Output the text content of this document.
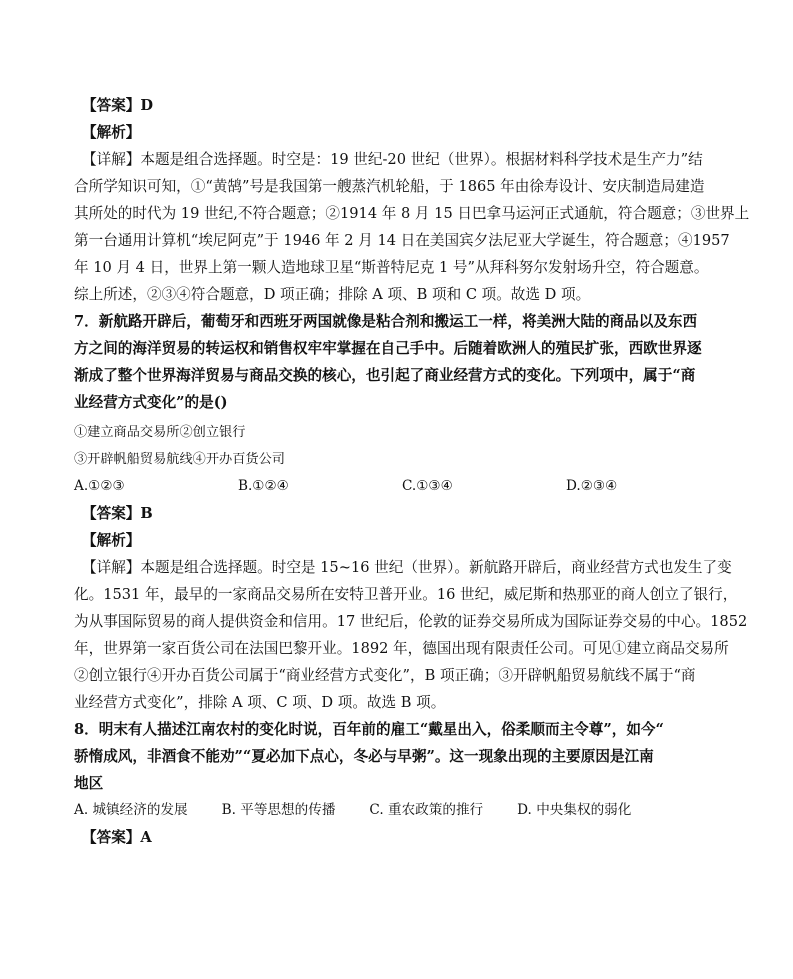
【答案】D
【解析】
【详解】本题是组合选择题。时空是：19 世纪-20 世纪（世界）。根据材料科学技术是生产力”结
合所学知识可知，①“黄鹄”号是我国第一艘蒸汽机轮船，于 1865 年由徐寿设计、安庆制造局建造
其所处的时代为 19 世纪,不符合题意；②1914 年 8 月 15 日巴拿马运河正式通航，符合题意；③世界上
第一台通用计算机“埃尼阿克”于 1946 年 2 月 14 日在美国宾夕法尼亚大学诞生，符合题意；④1957
年 10 月 4 日，世界上第一颗人造地球卫星“斯普特尼克 1 号”从拜科努尔发射场升空，符合题意。
综上所述，②③④符合题意，D 项正确；排除 A 项、B 项和 C 项。故选 D 项。
7．新航路开辟后，葡萄牙和西班牙两国就像是粘合剂和搬运工一样，将美洲大陆的商品以及东西
方之间的海洋贸易的转运权和销售权牢牢掌握在自己手中。后随着欧洲人的殖民扩张，西欧世界逐
渐成了整个世界海洋贸易与商品交换的核心，也引起了商业经营方式的变化。下列项中，属于“商
业经营方式变化”的是()
①建立商品交易所②创立银行
③开辟帆船贸易航线④开办百货公司
A.①②③	B.①②④	C.①③④	D.②③④
【答案】B
【解析】
【详解】本题是组合选择题。时空是 15~16 世纪（世界）。新航路开辟后，商业经营方式也发生了变
化。1531 年，最早的一家商品交易所在安特卫普开业。16 世纪，威尼斯和热那亚的商人创立了银行，
为从事国际贸易的商人提供资金和信用。17 世纪后，伦敦的证券交易所成为国际证券交易的中心。1852
年，世界第一家百货公司在法国巴黎开业。1892 年，德国出现有限责任公司。可见①建立商品交易所
②创立银行④开办百货公司属于“商业经营方式变化”，B 项正确；③开辟帆船贸易航线不属于“商
业经营方式变化”，排除 A 项、C 项、D 项。故选 B 项。
8．明末有人描述江南农村的变化时说，百年前的雇工“戴星出入，俗柔顺而主令尊”，如今“
骄惰成风，非酒食不能劝”“夏必加下点心，冬必与早粥”。这一现象出现的主要原因是江南
地区
A. 城镇经济的发展	B. 平等思想的传播	C. 重农政策的推行	D. 中央集权的弱化
【答案】A
